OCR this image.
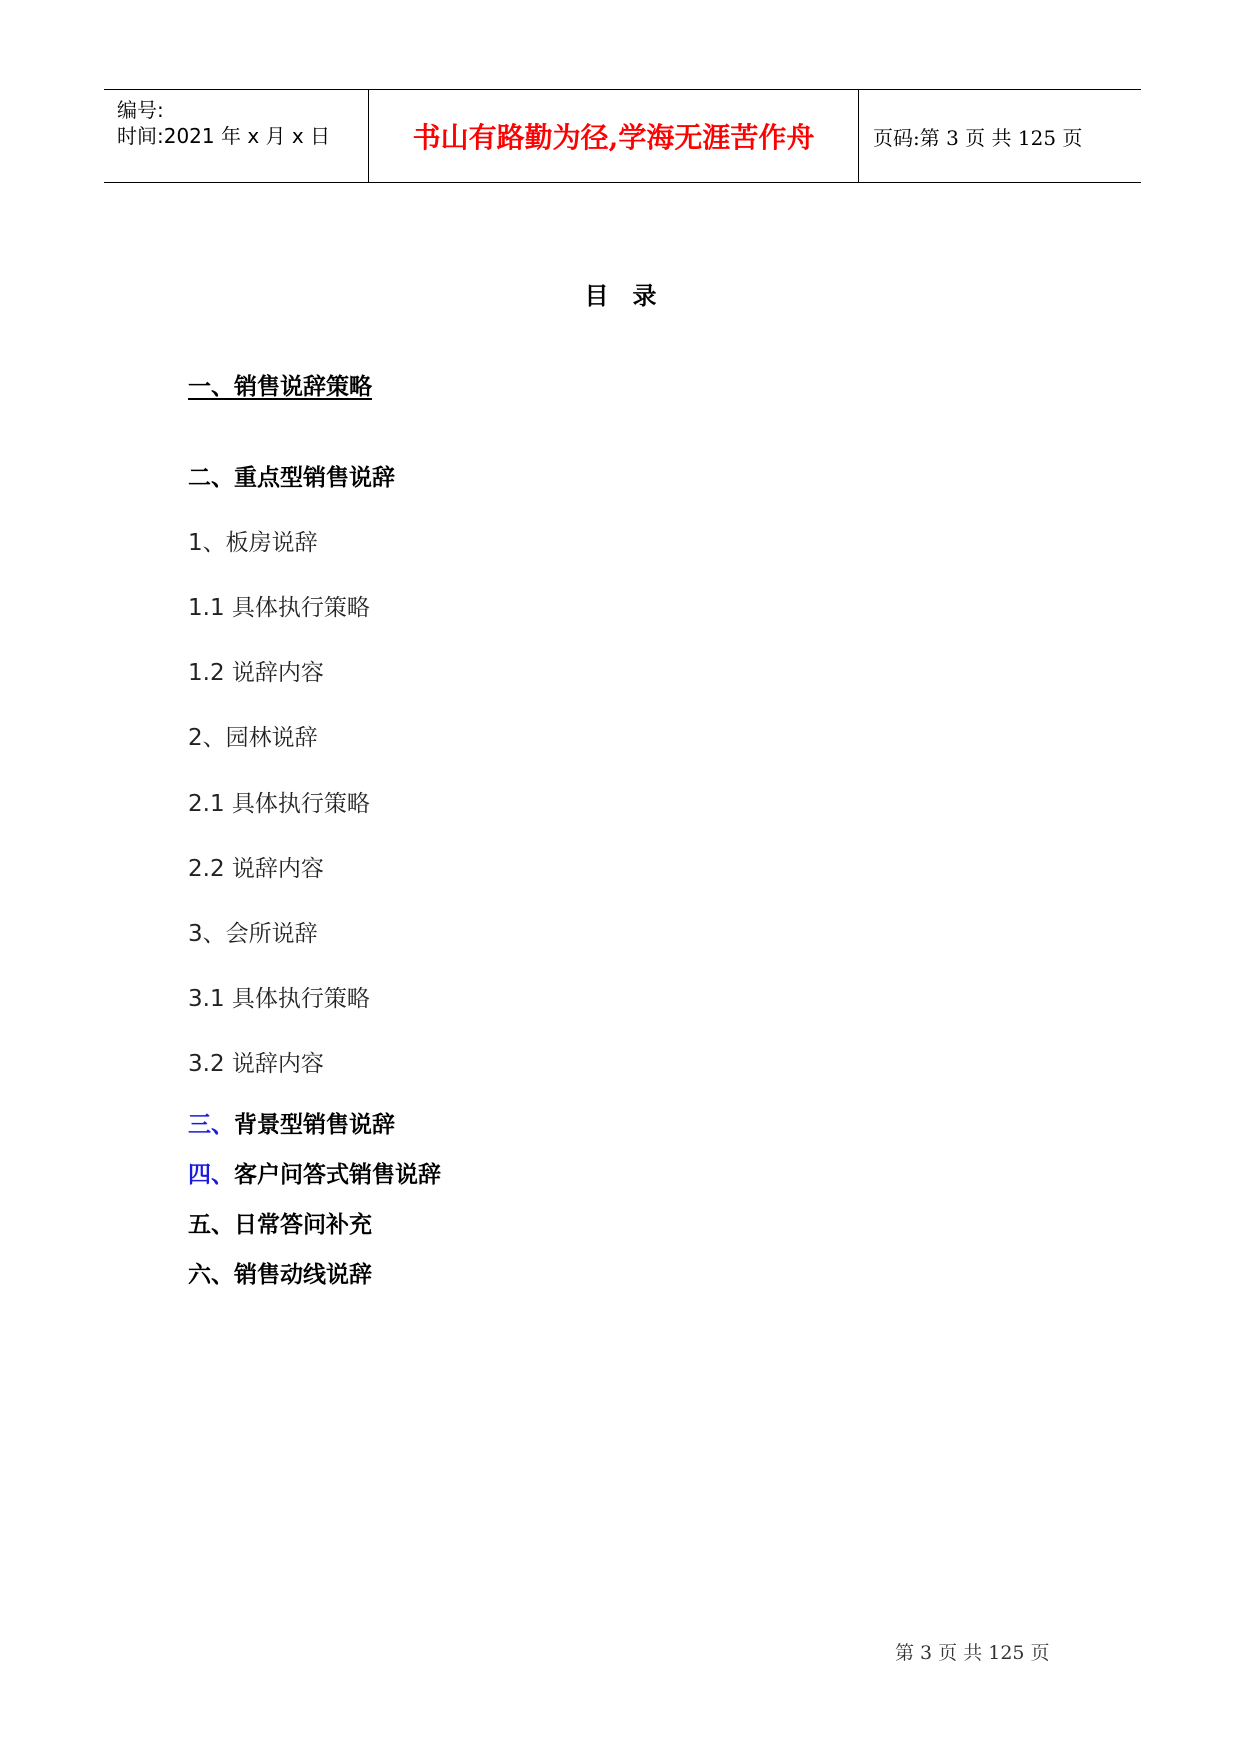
编号:
时间:2021 年 x 月 x 日	书山有路勤为径,学海无涯苦作舟	页码:第 3 页 共 125 页
目录
一、销售说辞策略
二、重点型销售说辞
1、板房说辞
1.1 具体执行策略
1.2 说辞内容
2、园林说辞
2.1 具体执行策略
2.2 说辞内容
3、会所说辞
3.1 具体执行策略
3.2 说辞内容
三、背景型销售说辞
四、客户问答式销售说辞
五、日常答问补充
六、销售动线说辞
第 3 页 共 125 页
